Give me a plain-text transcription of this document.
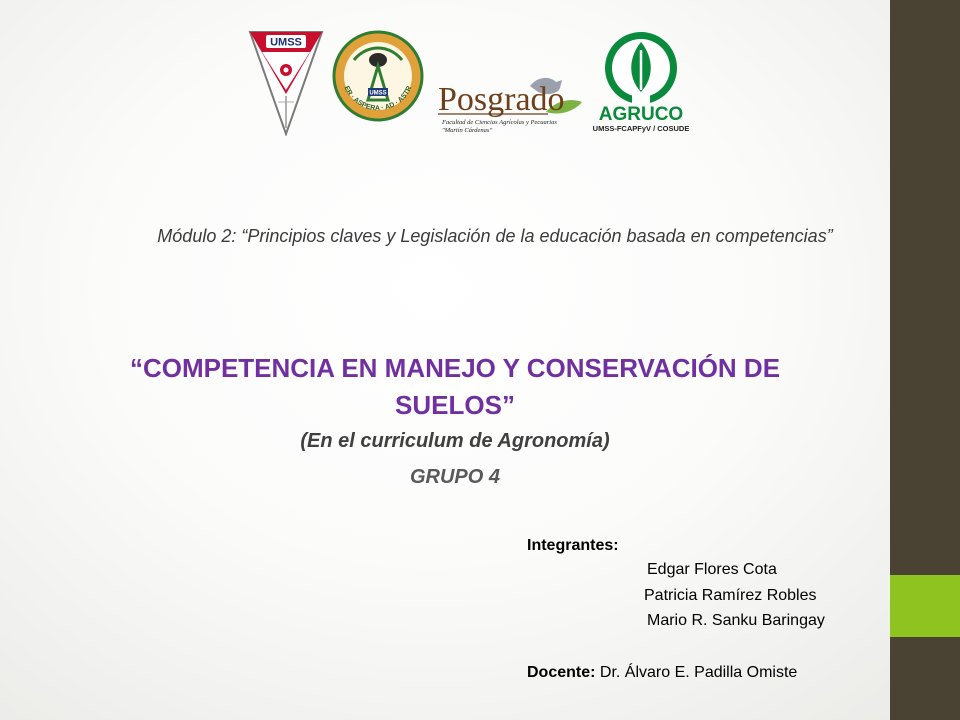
UMSS
UMSS
ER · ASPERA · AD · ASTR Posgrado
Facultad de Ciencias Agrícolas y Pecuarias
"Martín Cárdenas"
AGRUCO
UMSS-FCAPFyV / COSUDE
Módulo 2: “Principios claves y Legislación de la educación basada en competencias”
“COMPETENCIA EN MANEJO Y CONSERVACIÓN DE SUELOS”
(En el curriculum de Agronomía)
GRUPO 4
Integrantes:
Edgar Flores Cota
Patricia Ramírez Robles
Mario R. Sanku Baringay
Docente: Dr. Álvaro E. Padilla Omiste
